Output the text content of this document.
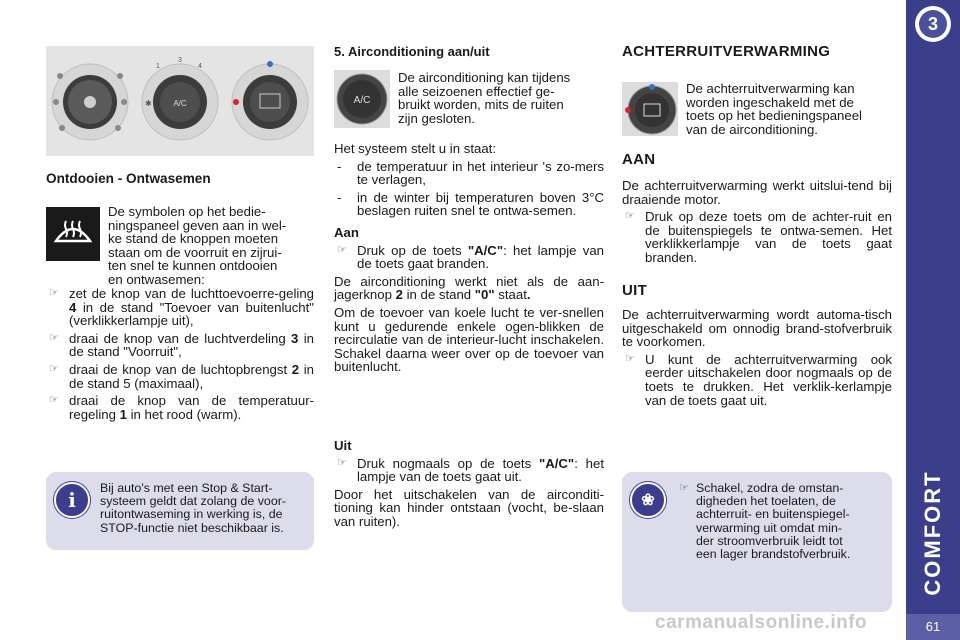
3
COMFORT
61
A/C
1
3
4
✱
Ontdooien - Ontwasemen
De symbolen op het bedie-
ningspaneel geven aan in wel-
ke stand de knoppen moeten
staan om de voorruit en zijrui-
ten snel te kunnen ontdooien
en ontwasemen:
☞ zet de knop van de luchttoevoerre-geling 4 in de stand "Toevoer van buitenlucht" (verklikkerlampje uit),
☞ draai de knop van de luchtverdeling 3 in de stand "Voorruit",
☞ draai de knop van de luchtopbrengst 2 in de stand 5 (maximaal),
☞ draai de knop van de temperatuur-regeling 1 in het rood (warm).
i	Bij auto's met een Stop & Start-
systeem geldt dat zolang de voor-
ruitontwaseming in werking is, de
STOP-functie niet beschikbaar is.
5. Airconditioning aan/uit
A/C
De airconditioning kan tijdens
alle seizoenen effectief ge-
bruikt worden, mits de ruiten
zijn gesloten.
Het systeem stelt u in staat:
- de temperatuur in het interieur 's zo-mers te verlagen,
- in de winter bij temperaturen boven 3°C beslagen ruiten snel te ontwa-semen.
Aan
☞ Druk op de toets "A/C": het lampje van de toets gaat branden.
De airconditioning werkt niet als de aan-jagerknop 2 in de stand "0" staat.
Om de toevoer van koele lucht te ver-snellen kunt u gedurende enkele ogen-blikken de recirculatie van de interieur-lucht inschakelen. Schakel daarna weer over op de toevoer van buitenlucht.
Uit
☞ Druk nogmaals op de toets "A/C": het lampje van de toets gaat uit.
Door het uitschakelen van de airconditi-tioning kan hinder ontstaan (vocht, be-slaan van ruiten).
ACHTERRUITVERWARMING
De achterruitverwarming kan
worden ingeschakeld met de
toets op het bedieningspaneel
van de airconditioning.
AAN
De achterruitverwarming werkt uitslui-tend bij draaiende motor.
☞ Druk op deze toets om de achter-ruit en de buitenspiegels te ontwa-semen. Het verklikkerlampje van de toets gaat branden.
UIT
De achterruitverwarming wordt automa-tisch uitgeschakeld om onnodig brand-stofverbruik te voorkomen.
☞ U kunt de achterruitverwarming ook eerder uitschakelen door nogmaals op de toets te drukken. Het verklik-kerlampje van de toets gaat uit.
❀
☞ Schakel, zodra de omstan-
digheden het toelaten, de
achterruit- en buitenspiegel-
verwarming uit omdat min-
der stroomverbruik leidt tot
een lager brandstofverbruik.
carmanualsonline.info
